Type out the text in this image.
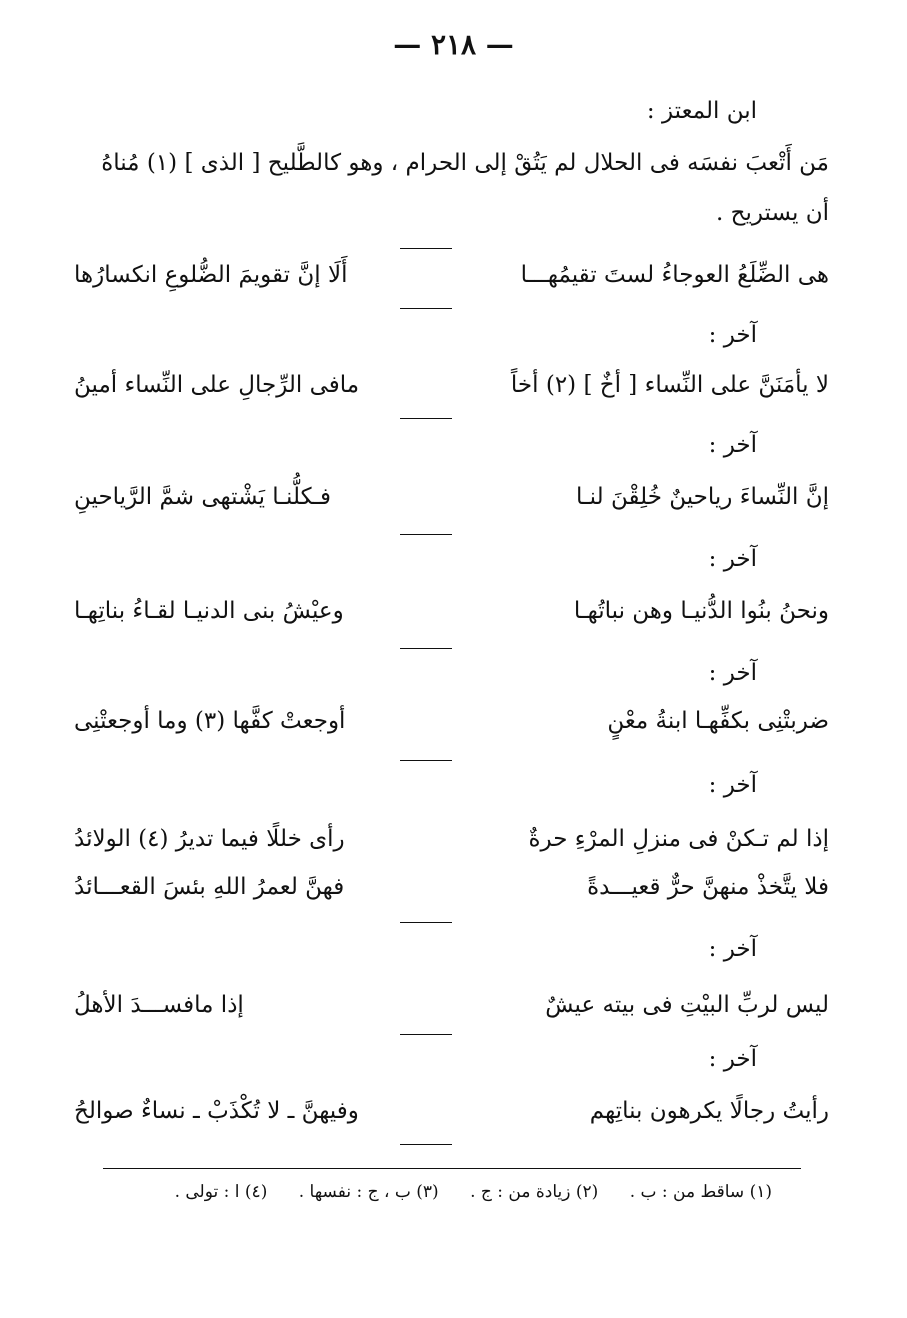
— ٢١٨ —
ابن المعتز :
مَن أَتْعبَ نفسَه فى الحلال لم يَتُقْ إلى الحرام ، وهو كالطَّليح [ الذى ] (١) مُناهُ
أن يستريح .
هى الضِّلَعُ العوجاءُ لستَ تقيمُهـــا
أَلَا إنَّ تقويمَ الضُّلوعِ انكسارُها
آخر :
لا يأمَنَنَّ على النِّساء [ أخٌ ] (٢) أخاً
مافى الرِّجالِ على النِّساء أمينُ
آخر :
إنَّ النِّساءَ رياحينٌ خُلِقْنَ لنـا
فـكلُّنـا يَشْتهى شمَّ الرَّياحينِ
آخر :
ونحنُ بنُوا الدُّنيـا وهن نباتُهـا
وعيْشُ بنى الدنيـا لقـاءُ بناتِهـا
آخر :
ضربتْنِى بكفِّهـا ابنةُ معْنٍ
أوجعتْ كفَّها (٣) وما أوجعتْنِى
آخر :
إذا لم تـكنْ فى منزلِ المرْءِ حرةٌ
رأى خللًا فيما تديرُ (٤) الولائدُ
فلا يتَّخذْ منهنَّ حرٌّ قعيـــدةً
فهنَّ لعمرُ اللهِ بئسَ القعـــائدُ
آخر :
ليس لربِّ البيْتِ فى بيته عيشٌ
إذا مافســـدَ الأهلُ
آخر :
رأيتُ رجالًا يكرهون بناتِهم
وفيهنَّ ـ لا تُكْذَبْ ـ نساءٌ صوالحُ
(١) ساقط من : ب . (٢) زيادة من : ج . (٣) ب ، ج : نفسها . (٤) ا : تولى .
